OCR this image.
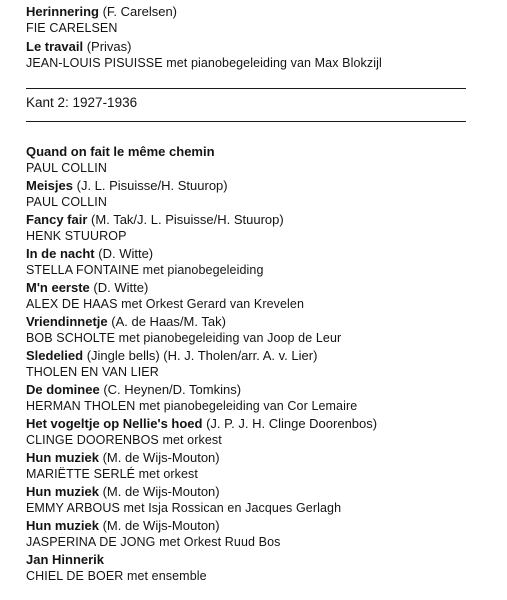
Herinnering (F. Carelsen)
FIE CARELSEN
Le travail (Privas)
JEAN-LOUIS PISUISSE met pianobegeleiding van Max Blokzijl
Kant 2: 1927-1936
Quand on fait le même chemin
PAUL COLLIN
Meisjes (J. L. Pisuisse/H. Stuurop)
PAUL COLLIN
Fancy fair (M. Tak/J. L. Pisuisse/H. Stuurop)
HENK STUUROP
In de nacht (D. Witte)
STELLA FONTAINE met pianobegeleiding
M'n eerste (D. Witte)
ALEX DE HAAS met Orkest Gerard van Krevelen
Vriendinnetje (A. de Haas/M. Tak)
BOB SCHOLTE met pianobegeleiding van Joop de Leur
Sledelied (Jingle bells) (H. J. Tholen/arr. A. v. Lier)
THOLEN EN VAN LIER
De dominee (C. Heynen/D. Tomkins)
HERMAN THOLEN met pianobegeleiding van Cor Lemaire
Het vogeltje op Nellie's hoed (J. P. J. H. Clinge Doorenbos)
CLINGE DOORENBOS met orkest
Hun muziek (M. de Wijs-Mouton)
MARIËTTE SERLÉ met orkest
Hun muziek (M. de Wijs-Mouton)
EMMY ARBOUS met Isja Rossican en Jacques Gerlagh
Hun muziek (M. de Wijs-Mouton)
JASPERINA DE JONG met Orkest Ruud Bos
Jan Hinnerik
CHIEL DE BOER met ensemble
